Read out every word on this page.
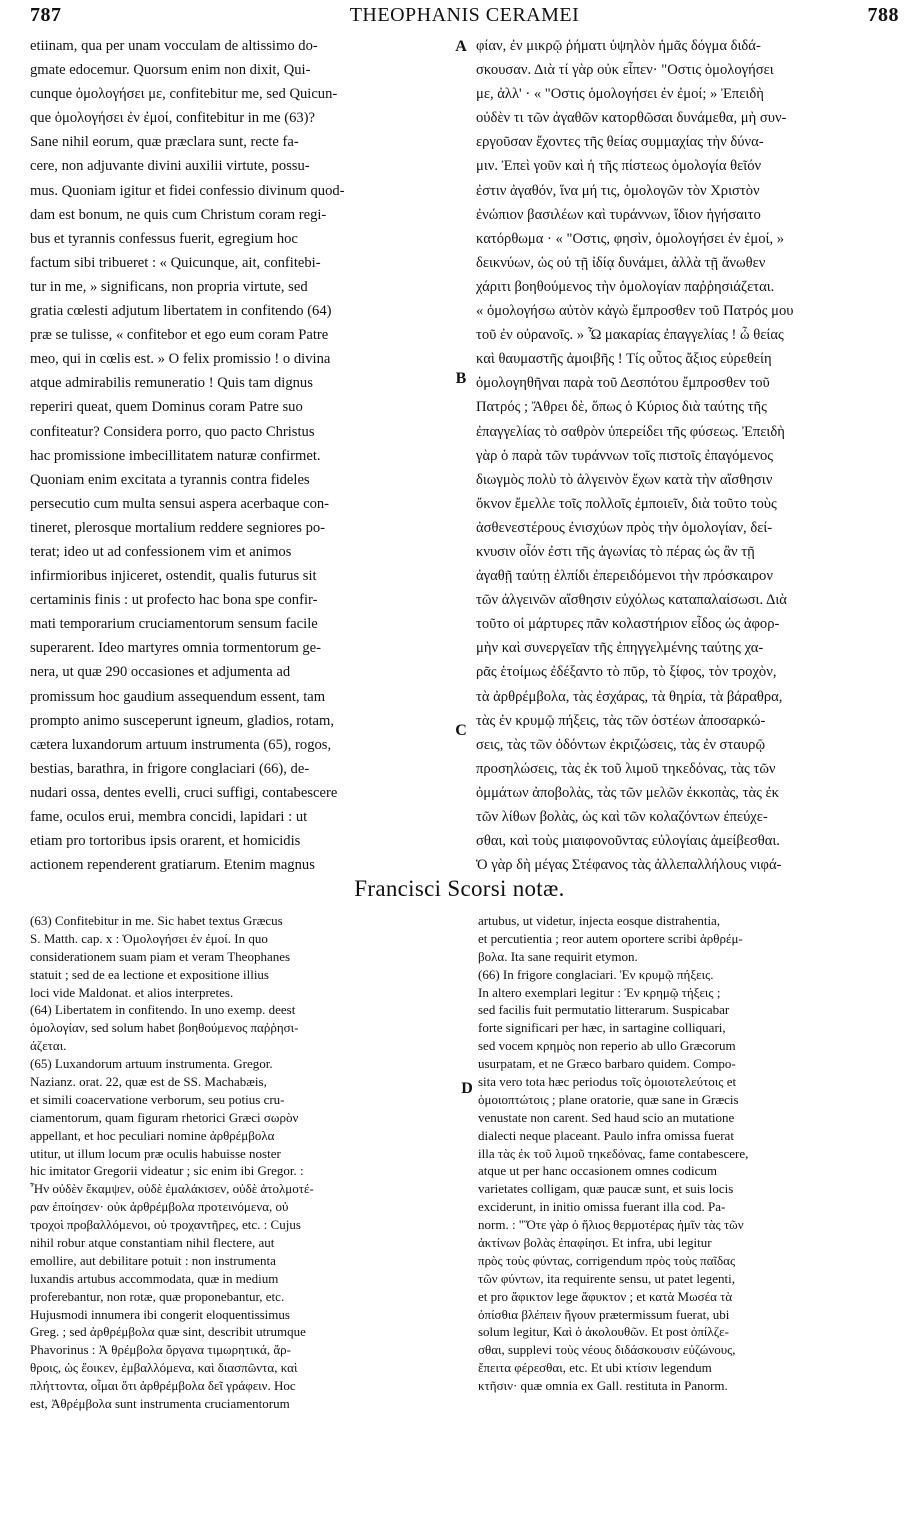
787	THEOPHANIS CERAMEI	788
etiinam, qua per unam vocculam de altissimo do-
gmate edocemur. Quorsum enim non dixit, Qui-
cunque ὁμολογήσει με, confitebitur me, sed Quicun-
que ὁμολογήσει ἐν ἐμοί, confitebitur in me (63)?
Sane nihil eorum, quæ præclara sunt, recte fa-
cere, non adjuvante divini auxilii virtute, possu-
mus. Quoniam igitur et fidei confessio divinum quod-
dam est bonum, ne quis cum Christum coram regi-
bus et tyrannis confessus fuerit, egregium hoc
factum sibi tribueret : « Quicunque, ait, confitebi-
tur in me, » significans, non propria virtute, sed
gratia cœlesti adjutum libertatem in confitendo (64)
præ se tulisse, « confitebor et ego eum coram Patre
meo, qui in cœlis est. » O felix promissio ! o divina
atque admirabilis remuneratio ! Quis tam dignus
reperiri queat, quem Dominus coram Patre suo
confiteatur? Considera porro, quo pacto Christus
hac promissione imbecillitatem naturæ confirmet.
Quoniam enim excitata a tyrannis contra fideles
persecutio cum multa sensui aspera acerbaque con-
tineret, plerosque mortalium reddere segniores po-
terat; ideo ut ad confessionem vim et animos
infirmioribus injiceret, ostendit, qualis futurus sit
certaminis finis : ut profecto hac bona spe confir-
mati temporarium cruciamentorum sensum facile
superarent. Ideo martyres omnia tormentorum ge-
nera, ut quæ 290 occasiones et adjumenta ad
promissum hoc gaudium assequendum essent, tam
prompto animo susceperunt igneum, gladios, rotam,
cætera luxandorum artuum instrumenta (65), rogos,
bestias, barathra, in frigore conglaciari (66), de-
nudari ossa, dentes evelli, cruci suffigi, contabescere
fame, oculos erui, membra concidi, lapidari : ut
etiam pro tortoribus ipsis orarent, et homicidis
actionem rependerent gratiarum. Etenim magnus
φίαν, ἐν μικρῷ ῥήματι ὑψηλὸν ἡμᾶς δόγμα διδά-
σκουσαν. Διὰ τί γὰρ οὐκ εἶπεν· "Οστις ὁμολογήσει
με, ἀλλ' · « "Οστις ὁμολογήσει ἐν ἐμοί; » Ἐπειδὴ
οὐδὲν τι τῶν ἀγαθῶν κατορθῶσαι δυνάμεθα, μὴ συν-
εργοῦσαν ἔχοντες τῆς θείας συμμαχίας τὴν δύνα-
μιν. Ἐπεὶ γοῦν καὶ ἡ τῆς πίστεως ὁμολογία θεῖόν
ἐστιν ἀγαθόν, ἵνα μή τις, ὁμολογῶν τὸν Χριστὸν
ἐνώπιον βασιλέων καὶ τυράννων, ἴδιον ἡγήσαιτο
κατόρθωμα · « "Οστις, φησὶν, ὁμολογήσει ἐν ἐμοί, »
δεικνύων, ὡς οὐ τῇ ἰδίᾳ δυνάμει, ἀλλὰ τῇ ἄνωθεν
χάριτι βοηθούμενος τὴν ὁμολογίαν παῤῥησιάζεται.
« ὁμολογήσω αὐτὸν κἀγὼ ἔμπροσθεν τοῦ Πατρός μου
τοῦ ἐν οὐρανοῖς. » Ὦ μακαρίας ἐπαγγελίας ! ὦ θείας
καὶ θαυμαστῆς ἀμοιβῆς ! Τίς οὗτος ἄξιος εὑρεθείη
ὁμολογηθῆναι παρὰ τοῦ Δεσπότου ἔμπροσθεν τοῦ
Πατρός ; Ἄθρει δὲ, ὅπως ὁ Κύριος διὰ ταύτης τῆς
ἐπαγγελίας τὸ σαθρὸν ὑπερείδει τῆς φύσεως. Ἐπειδὴ
γὰρ ὁ παρὰ τῶν τυράννων τοῖς πιστοῖς ἐπαγόμενος
διωγμὸς πολὺ τὸ ἀλγεινὸν ἔχων κατὰ τὴν αἴσθησιν
ὄκνον ἔμελλε τοῖς πολλοῖς ἐμποιεῖν, διὰ τοῦτο τοὺς
ἀσθενεστέρους ἐνισχύων πρὸς τὴν ὁμολογίαν, δεί-
κνυσιν οἷόν ἐστι τῆς ἀγωνίας τὸ πέρας ὡς ἂν τῇ
ἀγαθῇ ταύτῃ ἐλπίδι ἐπερειδόμενοι τὴν πρόσκαιρον
τῶν ἀλγεινῶν αἴσθησιν εὐχόλως καταπαλαίσωσι. Διὰ
τοῦτο οἱ μάρτυρες πᾶν κολαστήριον εἶδος ὡς ἀφορ-
μὴν καὶ συνεργεῖαν τῆς ἐπηγγελμένης ταύτης χα-
ρᾶς ἑτοίμως ἐδέξαντο τὸ πῦρ, τὸ ξίφος, τὸν τροχὸν,
τὰ ἀρθρέμβολα, τὰς ἐσχάρας, τὰ θηρία, τὰ βάραθρα,
τὰς ἐν κρυμῷ πήξεις, τὰς τῶν ὀστέων ἀποσαρκώ-
σεις, τὰς τῶν ὀδόντων ἐκριζώσεις, τὰς ἐν σταυρῷ
προσηλώσεις, τὰς ἐκ τοῦ λιμοῦ τηκεδόνας, τὰς τῶν
ὀμμάτων ἀποβολὰς, τὰς τῶν μελῶν ἐκκοπὰς, τὰς ἐκ
τῶν λίθων βολὰς, ὡς καὶ τῶν κολαζόντων ἐπεύχε-
σθαι, καὶ τοὺς μιαιφονοῦντας εὐλογίαις ἀμείβεσθαι.
Ὁ γὰρ δὴ μέγας Στέφανος τὰς ἀλλεπαλλήλους νιφά-
A
B
C
D
Francisci Scorsi notæ.
(63) Confitebitur in me. Sic habet textus Græcus
S. Matth. cap. x : Ὁμολογήσει ἐν ἐμοί. In quo
considerationem suam piam et veram Theophanes
statuit ; sed de ea lectione et expositione illius
loci vide Maldonat. et alios interpretes.
(64) Libertatem in confitendo. In uno exemp. deest
ὁμολογίαν, sed solum habet βοηθούμενος παῤῥησι-
άζεται.
(65) Luxandorum artuum instrumenta. Gregor.
Nazianz. orat. 22, quæ est de SS. Machabæis,
et simili coacervatione verborum, seu potius cru-
ciamentorum, quam figuram rhetorici Græci σωρὸν
appellant, et hoc peculiari nomine ἀρθρέμβολα
utitur, ut illum locum præ oculis habuisse noster
hic imitator Gregorii videatur ; sic enim ibi Gregor. :
Ἦν οὐδὲν ἔκαμψεν, οὐδὲ ἐμαλάκισεν, οὐδὲ ἀτολμοτέ-
ραν ἐποίησεν· οὐκ ἀρθρέμβολα προτεινόμενα, οὐ
τροχοὶ προβαλλόμενοι, οὐ τροχαντῆρες, etc. : Cujus
nihil robur atque constantiam nihil flectere, aut
emollire, aut debilitare potuit : non instrumenta
luxandis artubus accommodata, quæ in medium
proferebantur, non rotæ, quæ proponebantur, etc.
Hujusmodi innumera ibi congerit eloquentissimus
Greg. ; sed ἀρθρέμβολα quæ sint, describit utrumque
Phavorinus : Ἀ θρέμβολα ὄργανα τιμωρητικά, ἄρ-
θροις, ὡς ἔοικεν, ἐμβαλλόμενα, καὶ διασπῶντα, καὶ
πλήττοντα, οἶμαι ὅτι ἀρθρέμβολα δεῖ γράφειν. Hoc
est, Ἀθρέμβολα sunt instrumenta cruciamentorum
artubus, ut videtur, injecta eosque distrahentia,
et percutientia ; reor autem oportere scribi ἀρθρέμ-
βολα. Ita sane requirit etymon.
(66) In frigore conglaciari. Ἐν κρυμῷ πήξεις.
In altero exemplari legitur : Ἐν κρημῷ τήξεις ;
sed facilis fuit permutatio litterarum. Suspicabar
forte significari per hæc, in sartagine colliquari,
sed vocem κρημὸς non reperio ab ullo Græcorum
usurpatam, et ne Græco barbaro quidem. Compo-
sita vero tota hæc periodus τοῖς ὁμοιοτελεύτοις et
ὁμοιοπτώτοις ; plane oratorie, quæ sane in Græcis
venustate non carent. Sed haud scio an mutatione
dialecti neque placeant. Paulo infra omissa fuerat
illa τὰς ἐκ τοῦ λιμοῦ τηκεδόνας, fame contabescere,
atque ut per hanc occasionem omnes codicum
varietates colligam, quæ paucæ sunt, et suis locis
exciderunt, in initio omissa fuerant illa cod. Pa-
norm. : "Ὅτε γὰρ ὁ ἥλιος θερμοτέρας ἡμῖν τὰς τῶν
ἀκτίνων βολὰς ἐπαφίησι. Et infra, ubi legitur
πρὸς τοὺς φύντας, corrigendum πρὸς τοὺς παῖδας
τῶν φύντων, ita requirente sensu, ut patet legenti,
et pro ἄφικτον lege ἄφυκτον ; et κατὰ Μωσέα τὰ
ὀπίσθια βλέπειν ἤγουν prætermissum fuerat, ubi
solum legitur, Καὶ ὁ ἀκολουθῶν. Et post ὀπίλζε-
σθαι, supplevi τοὺς νέους διδάσκουσιν εὐζώνους,
ἔπειτα φέρεσθαι, etc. Et ubi κτίσιν legendum
κτῆσιν· quæ omnia ex Gall. restituta in Panorm.
